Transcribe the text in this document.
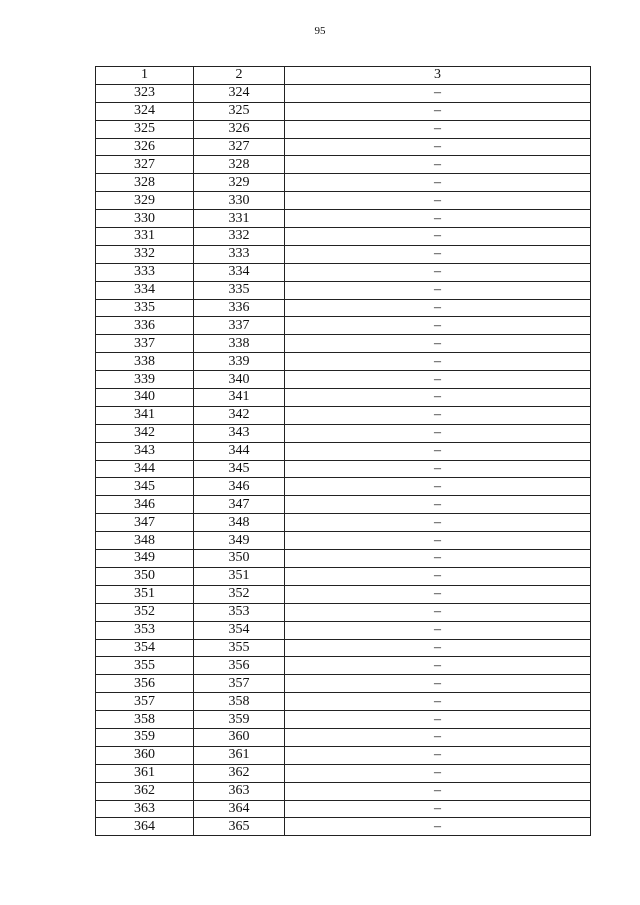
95
1	2	3
323	324	–
324	325	–
325	326	–
326	327	–
327	328	–
328	329	–
329	330	–
330	331	–
331	332	–
332	333	–
333	334	–
334	335	–
335	336	–
336	337	–
337	338	–
338	339	–
339	340	–
340	341	–
341	342	–
342	343	–
343	344	–
344	345	–
345	346	–
346	347	–
347	348	–
348	349	–
349	350	–
350	351	–
351	352	–
352	353	–
353	354	–
354	355	–
355	356	–
356	357	–
357	358	–
358	359	–
359	360	–
360	361	–
361	362	–
362	363	–
363	364	–
364	365	–
